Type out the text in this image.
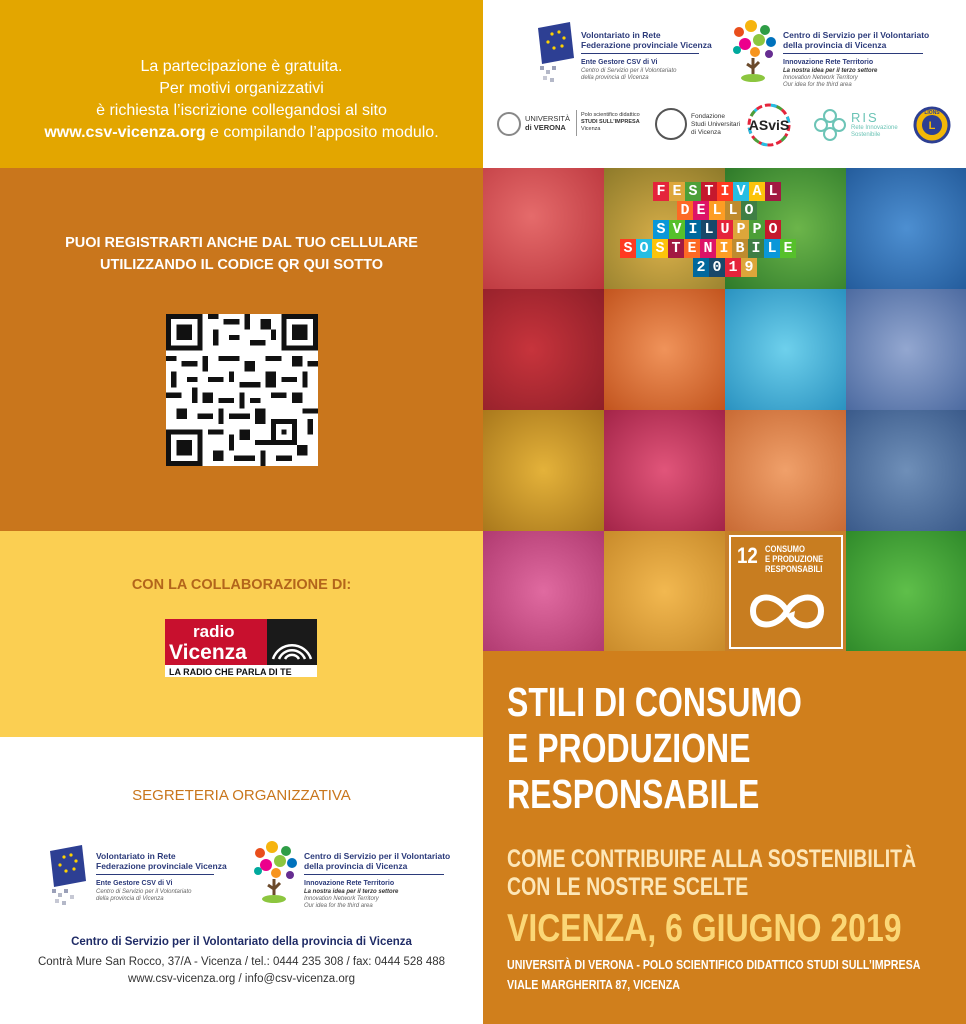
La partecipazione è gratuita.
Per motivi organizzativi
è richiesta l’iscrizione collegandosi al sito
www.csv-vicenza.org e compilando l’apposito modulo.
PUOI REGISTRARTI ANCHE DAL TUO CELLULARE
UTILIZZANDO IL CODICE QR QUI SOTTO
CON LA COLLABORAZIONE DI:
radio
Vicenza
LA RADIO CHE PARLA DI TE
SEGRETERIA ORGANIZZATIVA
Volontariato in Rete
Federazione provinciale Vicenza
Ente Gestore CSV di Vi
Centro di Servizio per il Volontariato
della provincia di Vicenza
Centro di Servizio per il Volontariato
della provincia di Vicenza
Innovazione Rete Territorio
La nostra idea per il terzo settore
Innovation Network Territory
Our idea for the third area
Centro di Servizio per il Volontariato della provincia di Vicenza
Contrà Mure San Rocco, 37/A - Vicenza / tel.: 0444 235 308 / fax: 0444 528 488
www.csv-vicenza.org / info@csv-vicenza.org
Volontariato in Rete
Federazione provinciale Vicenza
Ente Gestore CSV di Vi
Centro di Servizio per il Volontariato
della provincia di Vicenza
Centro di Servizio per il Volontariato
della provincia di Vicenza
Innovazione Rete Territorio
La nostra idea per il terzo settore
Innovation Network Territory
Our idea for the third area
UNIVERSITÀ
di VERONA
Polo scientifico didattico
STUDI SULL’IMPRESA
Vicenza
Fondazione
Studi Universitari
di Vicenza	ASviS	RIS
Rete Innovazione
Sostenibile
L
LIONS
F E S T I V A L
D E L L O
S V I L U P P O
S O S T E N I B I L E
2 0 1 9
12 CONSUMO
E PRODUZIONE
RESPONSABILI
STILI DI CONSUMO
E PRODUZIONE
RESPONSABILE
COME CONTRIBUIRE ALLA SOSTENIBILITÀ
CON LE NOSTRE SCELTE
VICENZA, 6 GIUGNO 2019
UNIVERSITÀ DI VERONA - POLO SCIENTIFICO DIDATTICO STUDI SULL’IMPRESA
VIALE MARGHERITA 87, VICENZA
